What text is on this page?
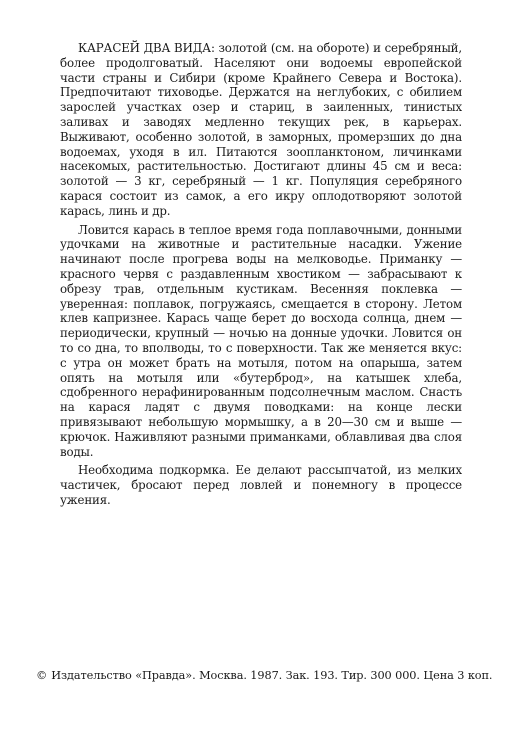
КАРАСЕЙ ДВА ВИДА: золотой (см. на обороте) и серебряный, более продолговатый. Населяют они водоемы европейской части страны и Сибири (кроме Крайнего Севера и Востока). Предпочитают тиховодье. Держатся на неглубоких, с обилием зарослей участках озер и стариц, в заиленных, тинистых заливах и заводях медленно текущих рек, в карьерах. Выживают, особенно золотой, в заморных, промерзших до дна водоемах, уходя в ил. Питаются зоопланктоном, личинками насекомых, растительностью. Достигают длины 45 см и веса: золотой — 3 кг, серебряный — 1 кг. Популяция серебряного карася состоит из самок, а его икру оплодотворяют золотой карась, линь и др.

Ловится карась в теплое время года поплавочными, донными удочками на животные и растительные насадки. Ужение начинают после прогрева воды на мелководье. Приманку — красного червя с раздавленным хвостиком — забрасывают к обрезу трав, отдельным кустикам. Весенняя поклевка — уверенная: поплавок, погружаясь, смещается в сторону. Летом клев капризнее. Карась чаще берет до восхода солнца, днем — периодически, крупный — ночью на донные удочки. Ловится он то со дна, то вполводы, то с поверхности. Так же меняется вкус: с утра он может брать на мотыля, потом на опарыша, затем опять на мотыля или «бутерброд», на катышек хлеба, сдобренного нерафинированным подсолнечным маслом. Снасть на карася ладят с двумя поводками: на конце лески привязывают небольшую мормышку, а в 20—30 см и выше — крючок. Наживляют разными приманками, облавливая два слоя воды.

Необходима подкормка. Ее делают рассыпчатой, из мелких частичек, бросают перед ловлей и понемногу в процессе ужения.

© Издательство «Правда». Москва. 1987. Зак. 193. Тир. 300 000. Цена 3 коп.
